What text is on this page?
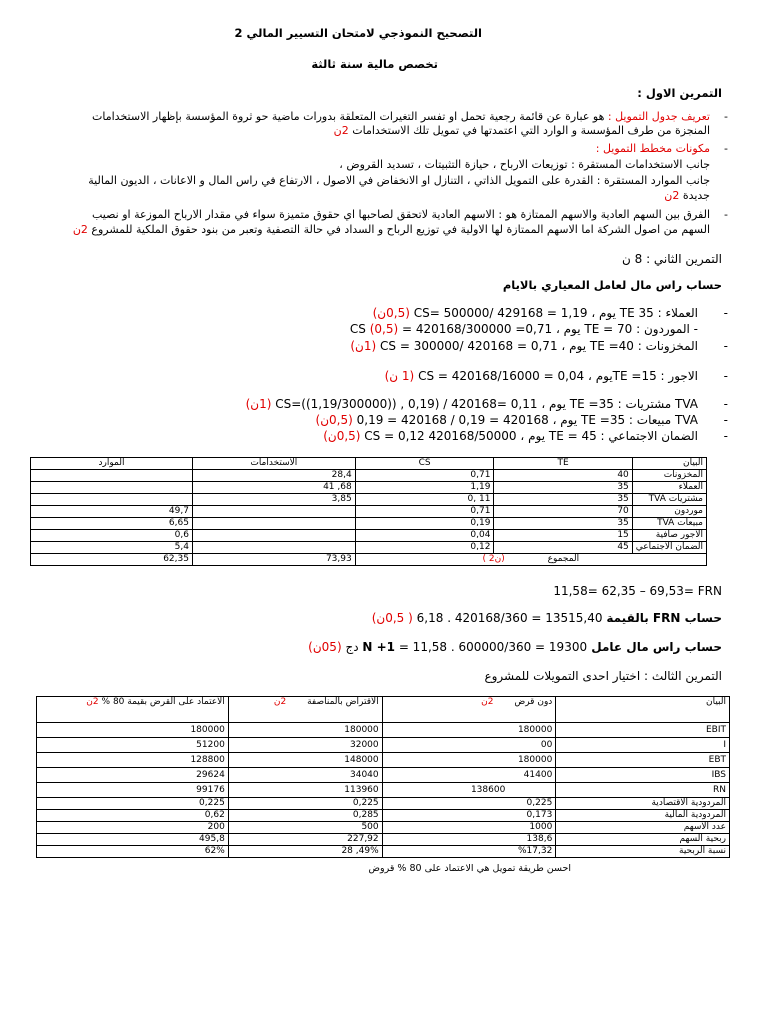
التصحيح النموذجي لامتحان التسيير المالي 2
تخصص مالية سنة ثالثة
التمرين الاول :
-
تعريف جدول التمويل : هو عبارة عن قائمة رجعية تحمل او تفسر التغيرات المتعلقة بدورات ماضية حو ثروة المؤسسة بإظهار الاستخدامات
المنجزة من طرف المؤسسة و الوارد التي اعتمدتها في تمويل تلك الاستخدامات 2ن
-
مكونات مخطط التمويل :
جانب الاستخدامات المستقرة : توزيعات الارباح ، حيازة التثبيتات ، تسديد القروض ،
جانب الموارد المستقرة : القدرة على التمويل الذاتي ، التنازل او الانخفاض في الاصول ، الارتفاع في راس المال و الاعانات ، الديون المالية
جديدة 2ن
-
الفرق بين السهم العادية والاسهم الممتازة هو : الاسهم العادية لاتحقق لصاحبها اي حقوق متميزة سواء في مقدار الارباح الموزعة او نصيب
السهم من اصول الشركة اما الاسهم الممتازة لها الاولية في توزيع الرباح و السداد في حالة التصفية وتعبر من بنود حقوق الملكية للمشروع 2ن
التمرين الثاني : 8 ن
حساب راس مال لعامل المعياري بالايام
-
العملاء : TE 35 يوم ، 1,19 = 429168 /500000 =CS (0,5ن)
- الموردون : TE = 70 يوم ، 0,71= 420168/300000 = CS (0,5)
-
المخزونات : TE =40 يوم ، 0,71 = 420168 /300000 = CS (1ن)
-
الاجور : TE =15يوم ، 0,04 = 420168/16000 = CS (1 ن)
-
TVA مشتريات : TE =35 يوم ، CS=((1,19/300000)) , 0,19) / 420168= 0,11 (1ن)
-
TVA مبيعات : TE =35 يوم ، 420168 = 0,19 / 420168 = 0,19 (0,5ن)
-
الضمان الاجتماعي : TE = 45 يوم ، 420168/50000 CS = 0,12 (0,5ن)
الموارد	الاستخدامات	CS	TE	البيان
	28,4	0,71	40	المخزونات
	41 ,68	1,19	35	العملاء
	3,85	0, 11	35	مشتريات TVA
49,7		0,71	70	موردون
6,65		0,19	35	مبيعات TVA
0,6		0,04	15	الاجور صافية
5,4		0,12	45	الضمان الاجتماعي
62,35	73,93	( 2ن) المجموع		
11,58= 62,35 – 69,53= FRN
حساب FRN بالقيمة 6,18 . 420168/360 = 13515,40 ( 0,5ن)
حساب راس مال عامل N +1 = 11,58 . 600000/360 = 19300 دج (05ن)
التمرين الثالث : اختيار احدى التمويلات للمشروع
الاعتماد على القرض بقيمة 80 % 2ن	الاقتراض بالمناصفة 2ن	دون قرض 2ن	البيان
180000	180000	180000	EBIT
51200	32000	00	I
128800	148000	180000	EBT
29624	34040	41400	IBS
99176	113960	138600	RN
0,225	0,225	0,225	المردودية الاقتصادية
0,62	0,285	0,173	المردودية المالية
200	500	1000	عدد الاسهم
495,8	227,92	138,6	ربحية السهم
62%	28 ,49%	%17,32	نسبة الربحية
احسن طريقة تمويل هي الاعتماد على 80 % قروض
